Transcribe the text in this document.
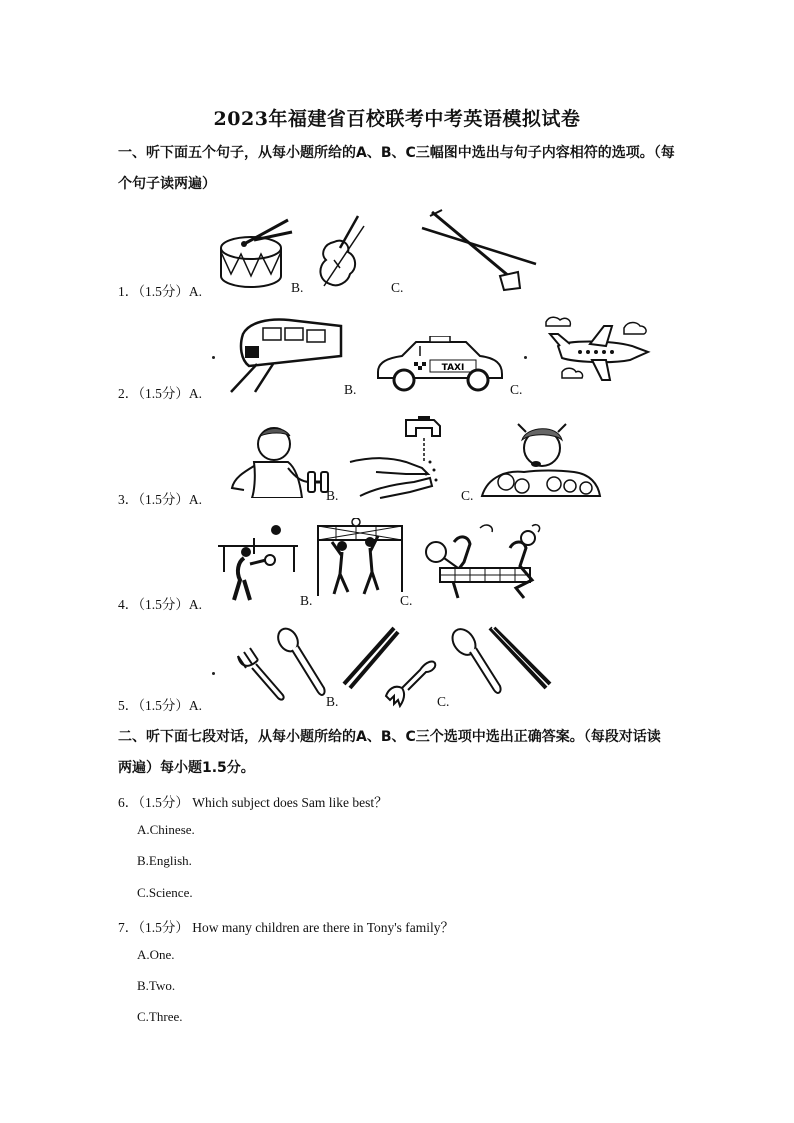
2023年福建省百校联考中考英语模拟试卷
一、听下面五个句子，从每小题所给的A、B、C三幅图中选出与句子内容相符的选项。（每
个句子读两遍）
1．（1.5分）A.	B.	C.
TAXI
2．（1.5分）A.	B.	C.
3．（1.5分）A.	B.	C.
4．（1.5分）A.	B.	C.
5．（1.5分）A.	B.	C.
二、听下面七段对话，从每小题所给的A、B、C三个选项中选出正确答案。（每段对话读
两遍）每小题1.5分。
6．（1.5分） Which subject does Sam like best？
A.Chinese.
B.English.
C.Science.
7．（1.5分） How many children are there in Tony's family？
A.One.
B.Two.
C.Three.
